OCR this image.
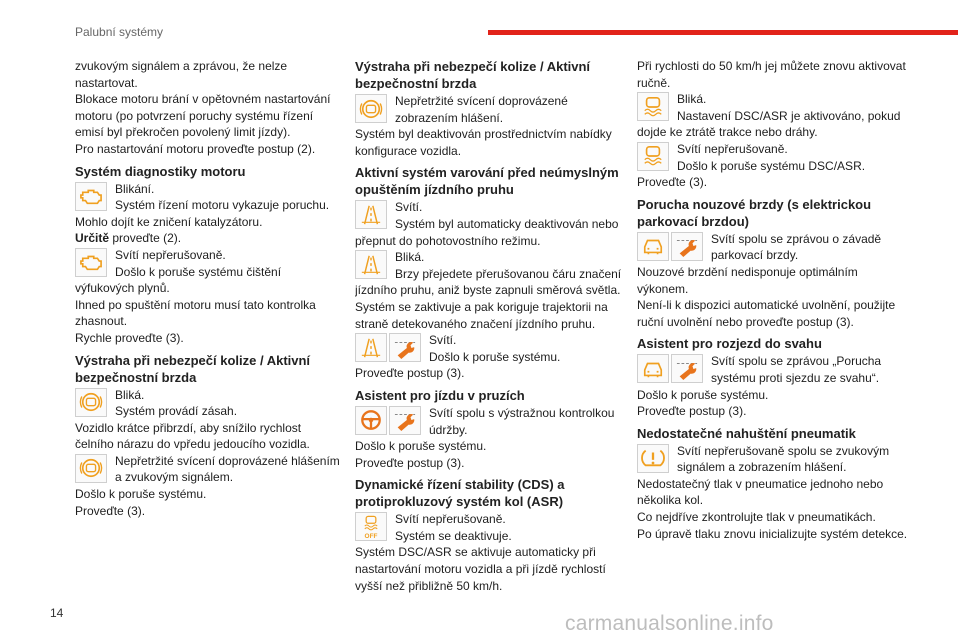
Palubní systémy

zvukovým signálem a zprávou, že nelze nastartovat.

Blokace motoru brání v opětovném nastartování motoru (po potvrzení poruchy systému řízení emisí byl překročen povolený limit jízdy).

Pro nastartování motoru proveďte postup (2).

Systém diagnostiky motoru
Blikání.
Systém řízení motoru vykazuje poruchu.

Mohlo dojít ke zničení katalyzátoru.

Určitě proveďte (2).

Svítí nepřerušovaně.
Došlo k poruše systému čištění výfukových plynů.

Ihned po spuštění motoru musí tato kontrolka zhasnout.

Rychle proveďte (3).

Výstraha při nebezpečí kolize / Aktivní bezpečnostní brzda
Bliká.
Systém provádí zásah.

Vozidlo krátce přibrzdí, aby snížilo rychlost čelního nárazu do vpředu jedoucího vozidla.

Nepřetržité svícení doprovázené hlášením a zvukovým signálem.

Došlo k poruše systému.

Proveďte (3).

Výstraha při nebezpečí kolize / Aktivní bezpečnostní brzda
Nepřetržité svícení doprovázené zobrazením hlášení.

Systém byl deaktivován prostřednictvím nabídky konfigurace vozidla.

Aktivní systém varování před neúmyslným opuštěním jízdního pruhu
Svítí.
Systém byl automaticky deaktivován nebo přepnut do pohotovostního režimu.
Bliká.
Brzy přejedete přerušovanou čáru značení jízdního pruhu, aniž byste zapnuli směrová světla.

Systém se zaktivuje a pak koriguje trajektorii na straně detekovaného značení jízdního pruhu.

Svítí.
Došlo k poruše systému.

Proveďte postup (3).

Asistent pro jízdu v pruzích
Svítí spolu s výstražnou kontrolkou údržby.

Došlo k poruše systému.

Proveďte postup (3).

Dynamické řízení stability (CDS) a protiprokluzový systém kol (ASR)
OFF
Svítí nepřerušovaně.
Systém se deaktivuje.

Systém DSC/ASR se aktivuje automaticky při nastartování motoru vozidla a při jízdě rychlostí vyšší než přibližně 50 km/h.

Při rychlosti do 50 km/h jej můžete znovu aktivovat ručně.

Bliká.
Nastavení DSC/ASR je aktivováno, pokud dojde ke ztrátě trakce nebo dráhy.
Svítí nepřerušovaně.
Došlo k poruše systému DSC/ASR.

Proveďte (3).

Porucha nouzové brzdy (s elektrickou parkovací brzdou)
Svítí spolu se zprávou o závadě parkovací brzdy.

Nouzové brzdění nedisponuje optimálním výkonem.

Není-li k dispozici automatické uvolnění, použijte ruční uvolnění nebo proveďte postup (3).

Asistent pro rozjezd do svahu
Svítí spolu se zprávou „Porucha systému proti sjezdu ze svahu“.

Došlo k poruše systému.

Proveďte postup (3).

Nedostatečné nahuštění pneumatik
Svítí nepřerušovaně spolu se zvukovým signálem a zobrazením hlášení.

Nedostatečný tlak v pneumatice jednoho nebo několika kol.

Co nejdříve zkontrolujte tlak v pneumatikách.

Po úpravě tlaku znovu inicializujte systém detekce.

14	carmanualsonline.info
